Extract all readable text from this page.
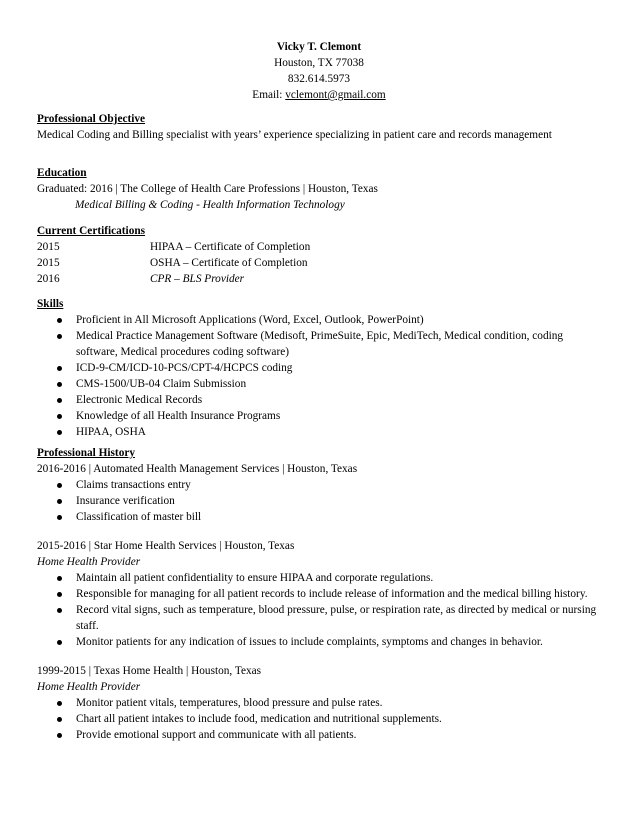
Vicky T. Clemont
Houston, TX 77038
832.614.5973
Email: vclemont@gmail.com
Professional Objective
Medical Coding and Billing specialist with years’ experience specializing in patient care and records management
Education
Graduated: 2016 | The College of Health Care Professions | Houston, Texas
Medical Billing & Coding - Health Information Technology
Current Certifications
2015	HIPAA – Certificate of Completion
2015	OSHA – Certificate of Completion
2016	CPR – BLS Provider
Skills
Proficient in All Microsoft Applications (Word, Excel, Outlook, PowerPoint)
Medical Practice Management Software (Medisoft, PrimeSuite, Epic, MediTech, Medical condition, coding software, Medical procedures coding software)
ICD-9-CM/ICD-10-PCS/CPT-4/HCPCS coding
CMS-1500/UB-04 Claim Submission
Electronic Medical Records
Knowledge of all Health Insurance Programs
HIPAA, OSHA
Professional History
2016-2016 | Automated Health Management Services | Houston, Texas
Claims transactions entry
Insurance verification
Classification of master bill
2015-2016 | Star Home Health Services | Houston, Texas
Home Health Provider
Maintain all patient confidentiality to ensure HIPAA and corporate regulations.
Responsible for managing for all patient records to include release of information and the medical billing history.
Record vital signs, such as temperature, blood pressure, pulse, or respiration rate, as directed by medical or nursing staff.
Monitor patients for any indication of issues to include complaints, symptoms and changes in behavior.
1999-2015 | Texas Home Health | Houston, Texas
Home Health Provider
Monitor patient vitals, temperatures, blood pressure and pulse rates.
Chart all patient intakes to include food, medication and nutritional supplements.
Provide emotional support and communicate with all patients.
